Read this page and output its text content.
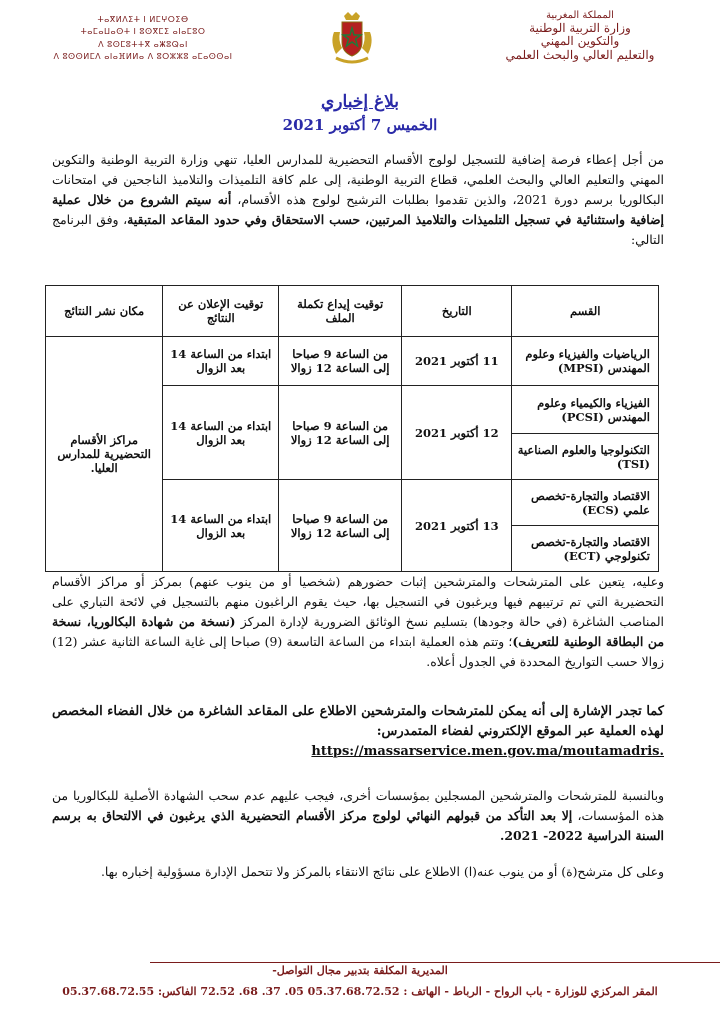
المملكة المغربية
وزارة التربية الوطنية
والتكوين المهني
والتعليم العالي والبحث العلمي
ⵜⴰⴳⵍⴷⵉⵜ ⵏ ⵍⵎⵖⵔⵉⴱ
ⵜⴰⵎⴰⵡⴰⵙⵜ ⵏ ⵓⵙⴳⵎⵉ ⴰⵏⴰⵎⵓⵔ
ⴷ ⵓⵙⵎⵓⵜⵜⴳ ⴰⵥⵓⵕⴰⵏ
ⴷ ⵓⵙⵙⵍⵎⴷ ⴰⵏⴰⴼⵍⵍⴰ ⴷ ⵓⵔⵣⵣⵓ ⴰⵎⴰⵙⵙⴰⵏ
بلاغ إخباري
الخميس 7 أكتوبر 2021
من أجل إعطاء فرصة إضافية للتسجيل لولوج الأقسام التحضيرية للمدارس العليا، تنهي وزارة التربية الوطنية والتكوين المهني والتعليم العالي والبحث العلمي، قطاع التربية الوطنية، إلى علم كافة التلميذات والتلاميذ الناجحين في امتحانات البكالوريا برسم دورة 2021، والذين تقدموا بطلبات الترشيح لولوج هذه الأقسام، أنه سيتم الشروع من خلال عملية إضافية واستثنائية في تسجيل التلميذات والتلاميذ المرتبين، حسب الاستحقاق وفي حدود المقاعد المتبقية، وفق البرنامج التالي:
القسم	التاريخ	توقيت إيداع تكملة الملف	توقيت الإعلان عن النتائج	مكان نشر النتائج
الرياضيات والفيزياء وعلوم المهندس (MPSI)	11 أكتوبر 2021	من الساعة 9 صباحا إلى الساعة 12 زوالا	ابتداء من الساعة 14 بعد الزوال	مراكز الأقسام التحضيرية للمدارس العليا.
الفيزياء والكيمياء وعلوم المهندس (PCSI)	12 أكتوبر 2021	من الساعة 9 صباحا إلى الساعة 12 زوالا	ابتداء من الساعة 14 بعد الزوال	
التكنولوجيا والعلوم الصناعية (TSI)				
الاقتصاد والتجارة-تخصص علمي (ECS)	13 أكتوبر 2021	من الساعة 9 صباحا إلى الساعة 12 زوالا	ابتداء من الساعة 14 بعد الزوال	
الاقتصاد والتجارة-تخصص تكنولوجي (ECT)				
وعليه، يتعين على المترشحات والمترشحين إثبات حضورهم (شخصيا أو من ينوب عنهم) بمركز أو مراكز الأقسام التحضيرية التي تم ترتيبهم فيها ويرغبون في التسجيل بها، حيث يقوم الراغبون منهم بالتسجيل في لائحة التباري على المناصب الشاغرة (في حالة وجودها) بتسليم نسخ الوثائق الضرورية لإدارة المركز (نسخة من شهادة البكالوريا، نسخة من البطاقة الوطنية للتعريف)؛ وتتم هذه العملية ابتداء من الساعة التاسعة (9) صباحا إلى غاية الساعة الثانية عشر (12) زوالا حسب التواريخ المحددة في الجدول أعلاه.
كما تجدر الإشارة إلى أنه يمكن للمترشحات والمترشحين الاطلاع على المقاعد الشاغرة من خلال الفضاء المخصص لهذه العملية عبر الموقع الإلكتروني لفضاء المتمدرس:
https://massarservice.men.gov.ma/moutamadris.
وبالنسبة للمترشحات والمترشحين المسجلين بمؤسسات أخرى، فيجب عليهم عدم سحب الشهادة الأصلية للبكالوريا من هذه المؤسسات، إلا بعد التأكد من قبولهم النهائي لولوج مركز الأقسام التحضيرية الذي يرغبون في الالتحاق به برسم السنة الدراسية 2022- 2021.
وعلى كل مترشح(ة) أو من ينوب عنه(ا) الاطلاع على نتائج الانتقاء بالمركز ولا تتحمل الإدارة مسؤولية إخباره بها.
المديرية المكلفة بتدبير مجال التواصل-
المقر المركزي للوزارة - باب الرواح - الرباط - الهاتف : 05.37.68.72.52 05. 37. 68. 72.52 الفاكس: 05.37.68.72.55
